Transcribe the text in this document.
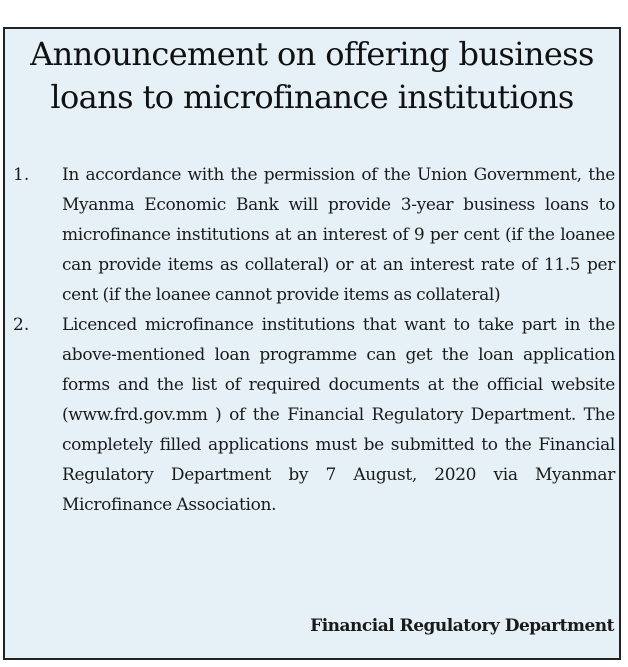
Announcement on offering business
loans to microfinance institutions
1. In accordance with the permission of the Union Government, the Myanma Economic Bank will provide 3-year business loans to microfinance institutions at an interest of 9 per cent (if the loanee can provide items as collateral) or at an interest rate of 11.5 per cent (if the loanee cannot provide items as collateral)
2. Licenced microfinance institutions that want to take part in the above-mentioned loan programme can get the loan application forms and the list of required documents at the official website (www.frd.gov.mm ) of the Financial Regulatory Department. The completely filled applications must be submitted to the Financial Regulatory Department by 7 August, 2020 via Myanmar Microfinance Association.
Financial Regulatory Department
